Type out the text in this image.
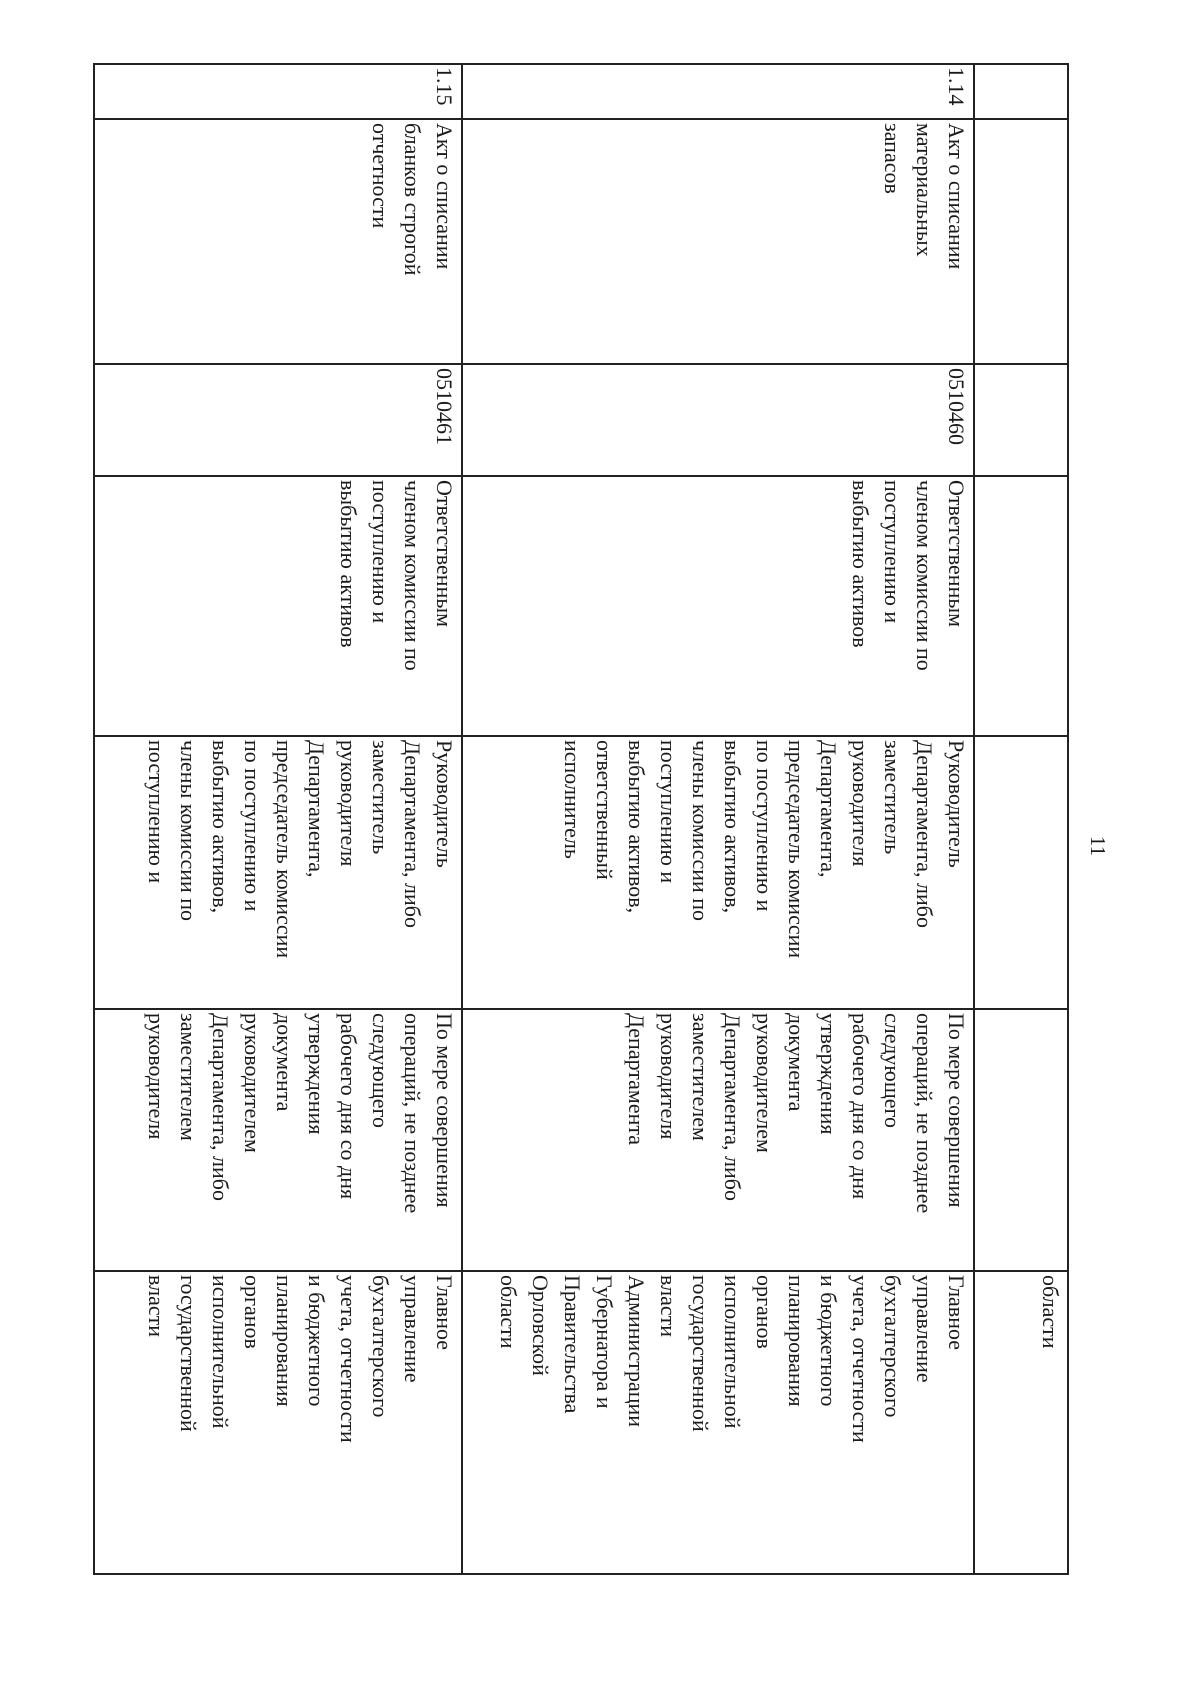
11
области
1.14
Акт о списании
материальных
запасов
0510460
Ответственным
членом комиссии по
поступлению и
выбытию активов
Руководитель
Департамента, либо
заместитель
руководителя
Департамента,
председатель комиссии
по поступлению и
выбытию активов,
члены комиссии по
поступлению и
выбытию активов,
ответственный
исполнитель
По мере совершения
операций, не позднее
следующего
рабочего дня со дня
утверждения
документа
руководителем
Департамента, либо
заместителем
руководителя
Департамента
Главное
управление
бухгалтерского
учета, отчетности
и бюджетного
планирования
органов
исполнительной
государственной
власти
Администрации
Губернатора и
Правительства
Орловской
области
1.15
Акт о списании
бланков строгой
отчетности
0510461
Ответственным
членом комиссии по
поступлению и
выбытию активов
Руководитель
Департамента, либо
заместитель
руководителя
Департамента,
председатель комиссии
по поступлению и
выбытию активов,
члены комиссии по
поступлению и
По мере совершения
операций, не позднее
следующего
рабочего дня со дня
утверждения
документа
руководителем
Департамента, либо
заместителем
руководителя
Главное
управление
бухгалтерского
учета, отчетности
и бюджетного
планирования
органов
исполнительной
государственной
власти
